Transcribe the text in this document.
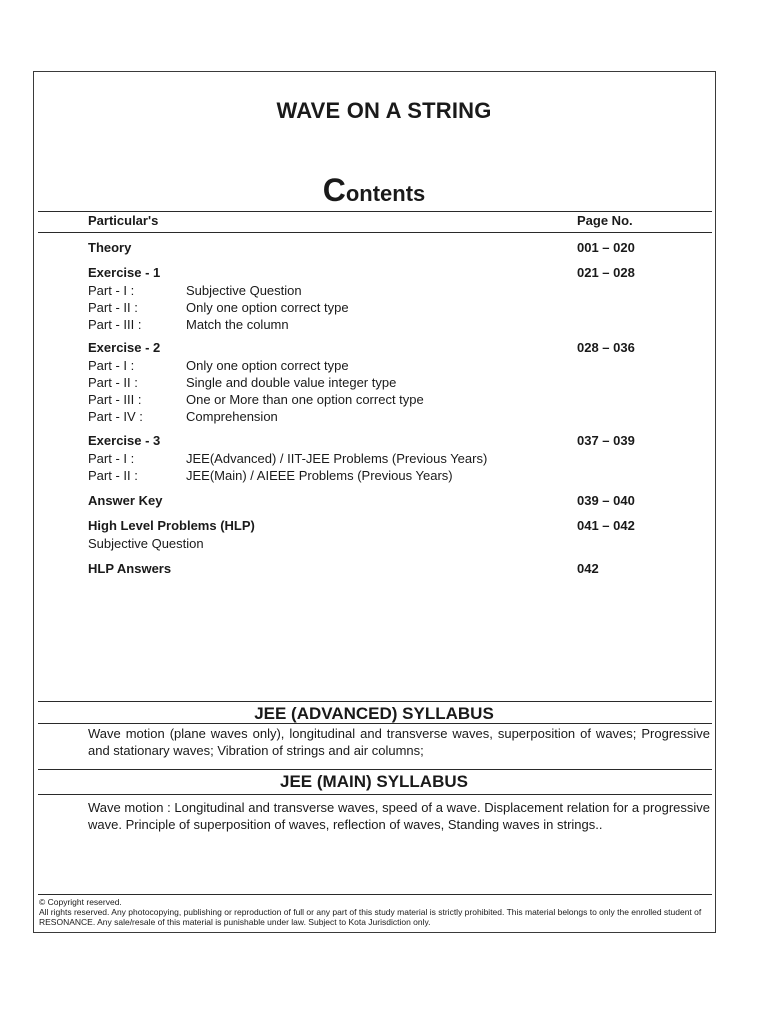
WAVE ON A STRING
Contents
Particular's	Page No.
Theory	001 – 020
Exercise - 1	021 – 028
Part - I :	Subjective Question
Part - II :	Only one option correct type
Part - III :	Match the column
Exercise - 2	028 – 036
Part - I :	Only one option correct type
Part - II :	Single and double value integer type
Part - III :	One or More than one option correct type
Part - IV :	Comprehension
Exercise - 3	037 – 039
Part - I :	JEE(Advanced) / IIT-JEE Problems (Previous Years)
Part - II :	JEE(Main) / AIEEE Problems (Previous Years)
Answer Key	039 – 040
High Level Problems (HLP)	041 – 042
Subjective Question
HLP Answers	042
JEE (ADVANCED) SYLLABUS
Wave motion (plane waves only), longitudinal and transverse waves, superposition of waves; Progressive and stationary waves; Vibration of strings and air columns;
JEE (MAIN) SYLLABUS
Wave motion : Longitudinal and transverse waves, speed of a wave. Displacement relation for a progressive wave. Principle of superposition of waves, reflection of waves, Standing waves in strings..
© Copyright reserved.
All rights reserved. Any photocopying, publishing or reproduction of full or any part of this study material is strictly prohibited. This material belongs to only the enrolled student of RESONANCE. Any sale/resale of this material is punishable under law. Subject to Kota Jurisdiction only.
